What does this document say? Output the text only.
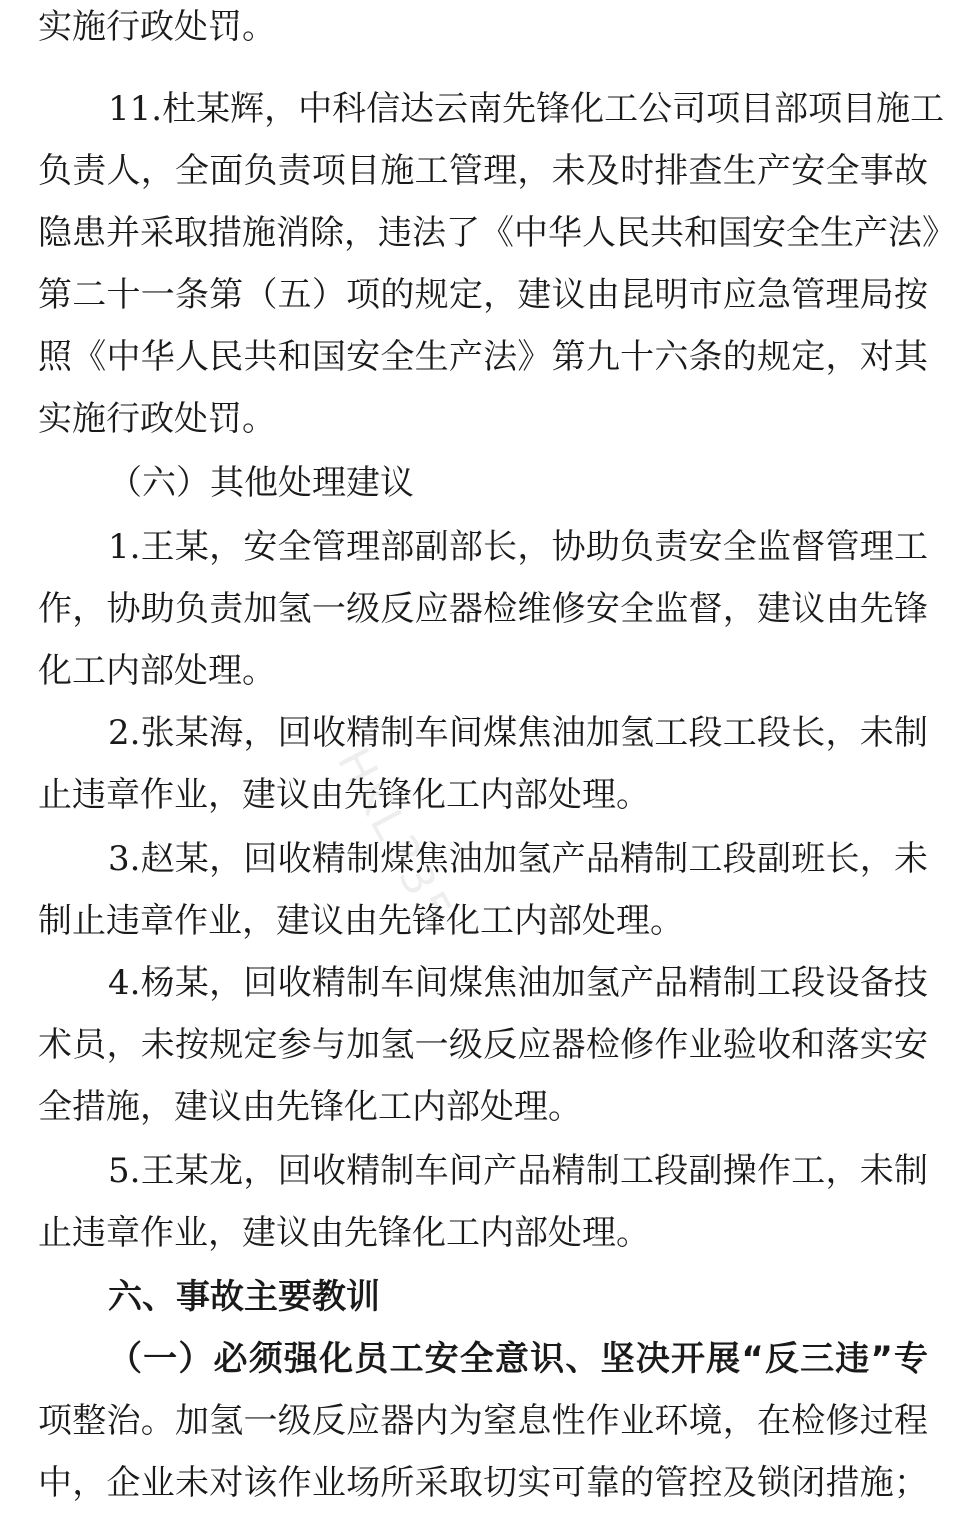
实施行政处罚。
11.杜某辉，中科信达云南先锋化工公司项目部项目施工
负责人，全面负责项目施工管理，未及时排查生产安全事故
隐患并采取措施消除，违法了《中华人民共和国安全生产法》
第二十一条第（五）项的规定，建议由昆明市应急管理局按
照《中华人民共和国安全生产法》第九十六条的规定，对其
实施行政处罚。
（六）其他处理建议
1.王某，安全管理部副部长，协助负责安全监督管理工
作，协助负责加氢一级反应器检维修安全监督，建议由先锋
化工内部处理。
2.张某海，回收精制车间煤焦油加氢工段工段长，未制
止违章作业，建议由先锋化工内部处理。
3.赵某，回收精制煤焦油加氢产品精制工段副班长，未
制止违章作业，建议由先锋化工内部处理。
4.杨某，回收精制车间煤焦油加氢产品精制工段设备技
术员，未按规定参与加氢一级反应器检修作业验收和落实安
全措施，建议由先锋化工内部处理。
5.王某龙，回收精制车间产品精制工段副操作工，未制
止违章作业，建议由先锋化工内部处理。
六、事故主要教训
（一）必须强化员工安全意识、坚决开展“反三违”专
项整治。加氢一级反应器内为窒息性作业环境，在检修过程
中，企业未对该作业场所采取切实可靠的管控及锁闭措施；
HKL335
